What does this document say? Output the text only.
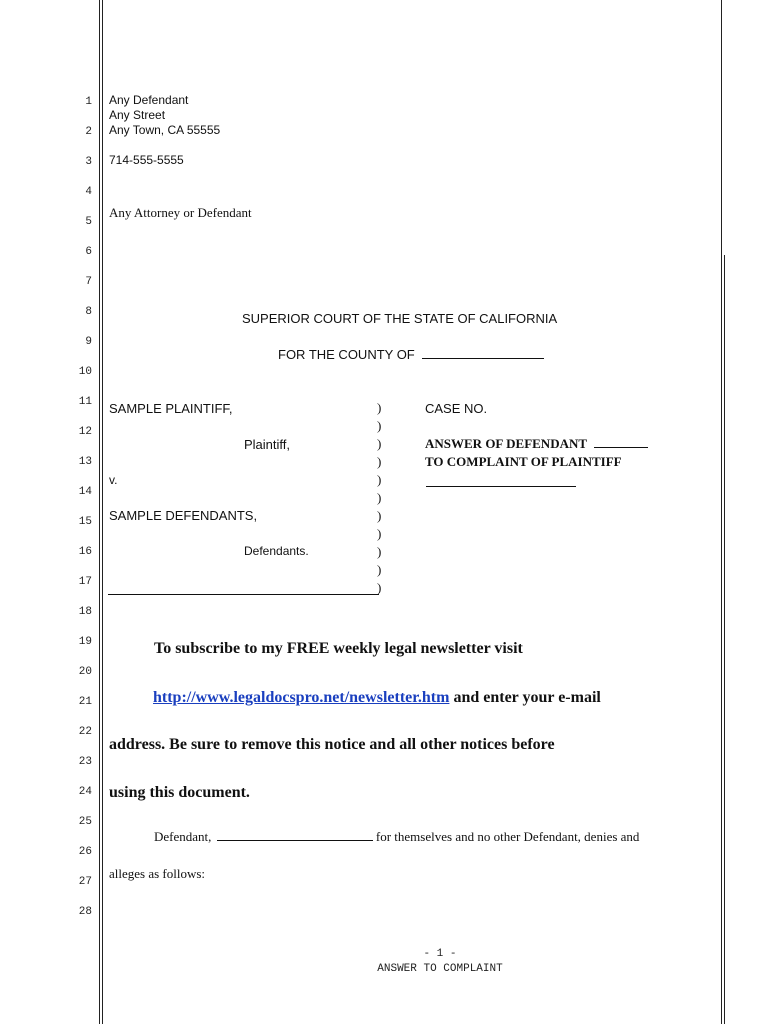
1
2
3
4
5
6
7
8
9
10
11
12
13
14
15
16
17
18
19
20
21
22
23
24
25
26
27
28
Any Defendant
Any Street
Any Town, CA 55555
714-555-5555
Any Attorney or Defendant
SUPERIOR COURT OF THE STATE OF CALIFORNIA
FOR THE COUNTY OF
SAMPLE PLAINTIFF,
Plaintiff,
v.
SAMPLE DEFENDANTS,
Defendants.
)
)
)
)
)
)
)
)
)
)
)
CASE NO.
ANSWER OF DEFENDANT
TO COMPLAINT OF PLAINTIFF
To subscribe to my FREE weekly legal newsletter visit
http://www.legaldocspro.net/newsletter.htm and enter your e-mail
address. Be sure to remove this notice and all other notices before
using this document.
Defendant,	for themselves and no other Defendant, denies and
alleges as follows:
- 1 -
ANSWER TO COMPLAINT
